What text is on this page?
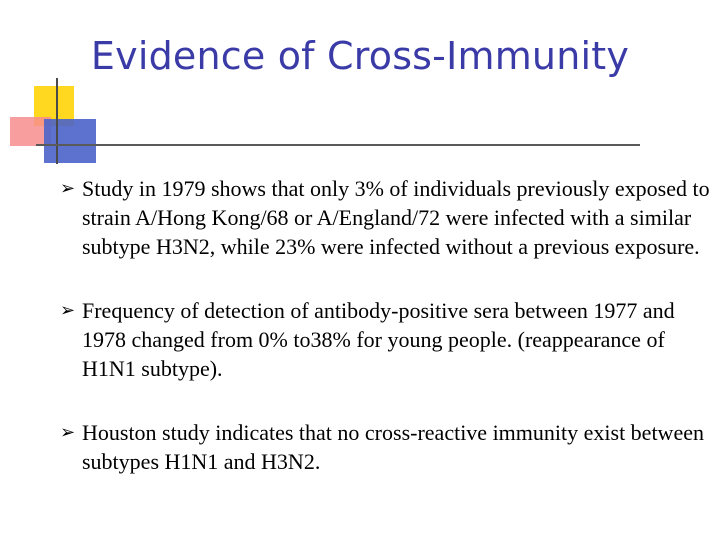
Evidence of Cross-Immunity

➢ Study in 1979 shows that only 3% of individuals previously exposed to strain A/Hong Kong/68 or A/England/72 were infected with a similar subtype H3N2, while 23% were infected without a previous exposure.

➢ Frequency of detection of antibody-positive sera between 1977 and 1978 changed from 0% to38% for young people. (reappearance of H1N1 subtype).

➢ Houston study indicates that no cross-reactive immunity exist between subtypes H1N1 and H3N2.
